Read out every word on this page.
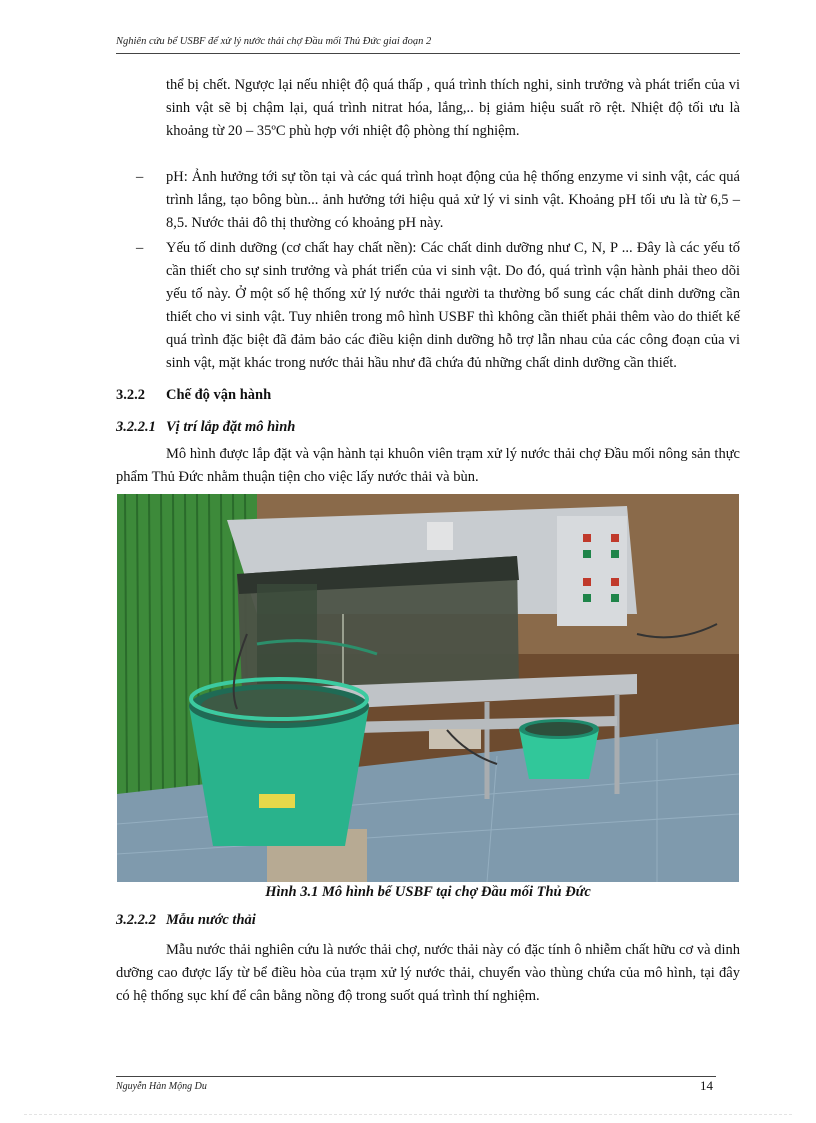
Nghiên cứu bể USBF để xử lý nước thải chợ Đầu mối Thủ Đức giai đoạn 2
thể bị chết. Ngược lại nếu nhiệt độ quá thấp , quá trình thích nghi, sinh trưởng và phát triển của vi sinh vật sẽ bị chậm lại, quá trình nitrat hóa, lắng,.. bị giảm hiệu suất rõ rệt. Nhiệt độ tối ưu là khoảng từ 20 – 35ºC phù hợp với nhiệt độ phòng thí nghiệm.
– pH: Ảnh hưởng tới sự tồn tại và các quá trình hoạt động của hệ thống enzyme vi sinh vật, các quá trình lắng, tạo bông bùn... ảnh hưởng tới hiệu quả xử lý vi sinh vật. Khoảng pH tối ưu là từ 6,5 – 8,5. Nước thải đô thị thường có khoảng pH này.
– Yếu tố dinh dưỡng (cơ chất hay chất nền): Các chất dinh dưỡng như C, N, P ... Đây là các yếu tố cần thiết cho sự sinh trưởng và phát triển của vi sinh vật. Do đó, quá trình vận hành phải theo dõi yếu tố này. Ở một số hệ thống xử lý nước thải người ta thường bổ sung các chất dinh dưỡng cần thiết cho vi sinh vật. Tuy nhiên trong mô hình USBF thì không cần thiết phải thêm vào do thiết kế quá trình đặc biệt đã đảm bảo các điều kiện dinh dưỡng hỗ trợ lẫn nhau của các công đoạn của vi sinh vật, mặt khác trong nước thải hầu như đã chứa đủ những chất dinh dưỡng cần thiết.
3.2.2 Chế độ vận hành
3.2.2.1 Vị trí lắp đặt mô hình
Mô hình được lắp đặt và vận hành tại khuôn viên trạm xử lý nước thải chợ Đầu mối nông sản thực phẩm Thủ Đức nhằm thuận tiện cho việc lấy nước thải và bùn.
Hình 3.1 Mô hình bể USBF tại chợ Đầu mối Thủ Đức
3.2.2.2 Mẫu nước thải
Mẫu nước thải nghiên cứu là nước thải chợ, nước thải này có đặc tính ô nhiễm chất hữu cơ và dinh dưỡng cao được lấy từ bể điều hòa của trạm xử lý nước thải, chuyển vào thùng chứa của mô hình, tại đây có hệ thống sục khí để cân bằng nồng độ trong suốt quá trình thí nghiệm.
Nguyễn Hàn Mộng Du	14
